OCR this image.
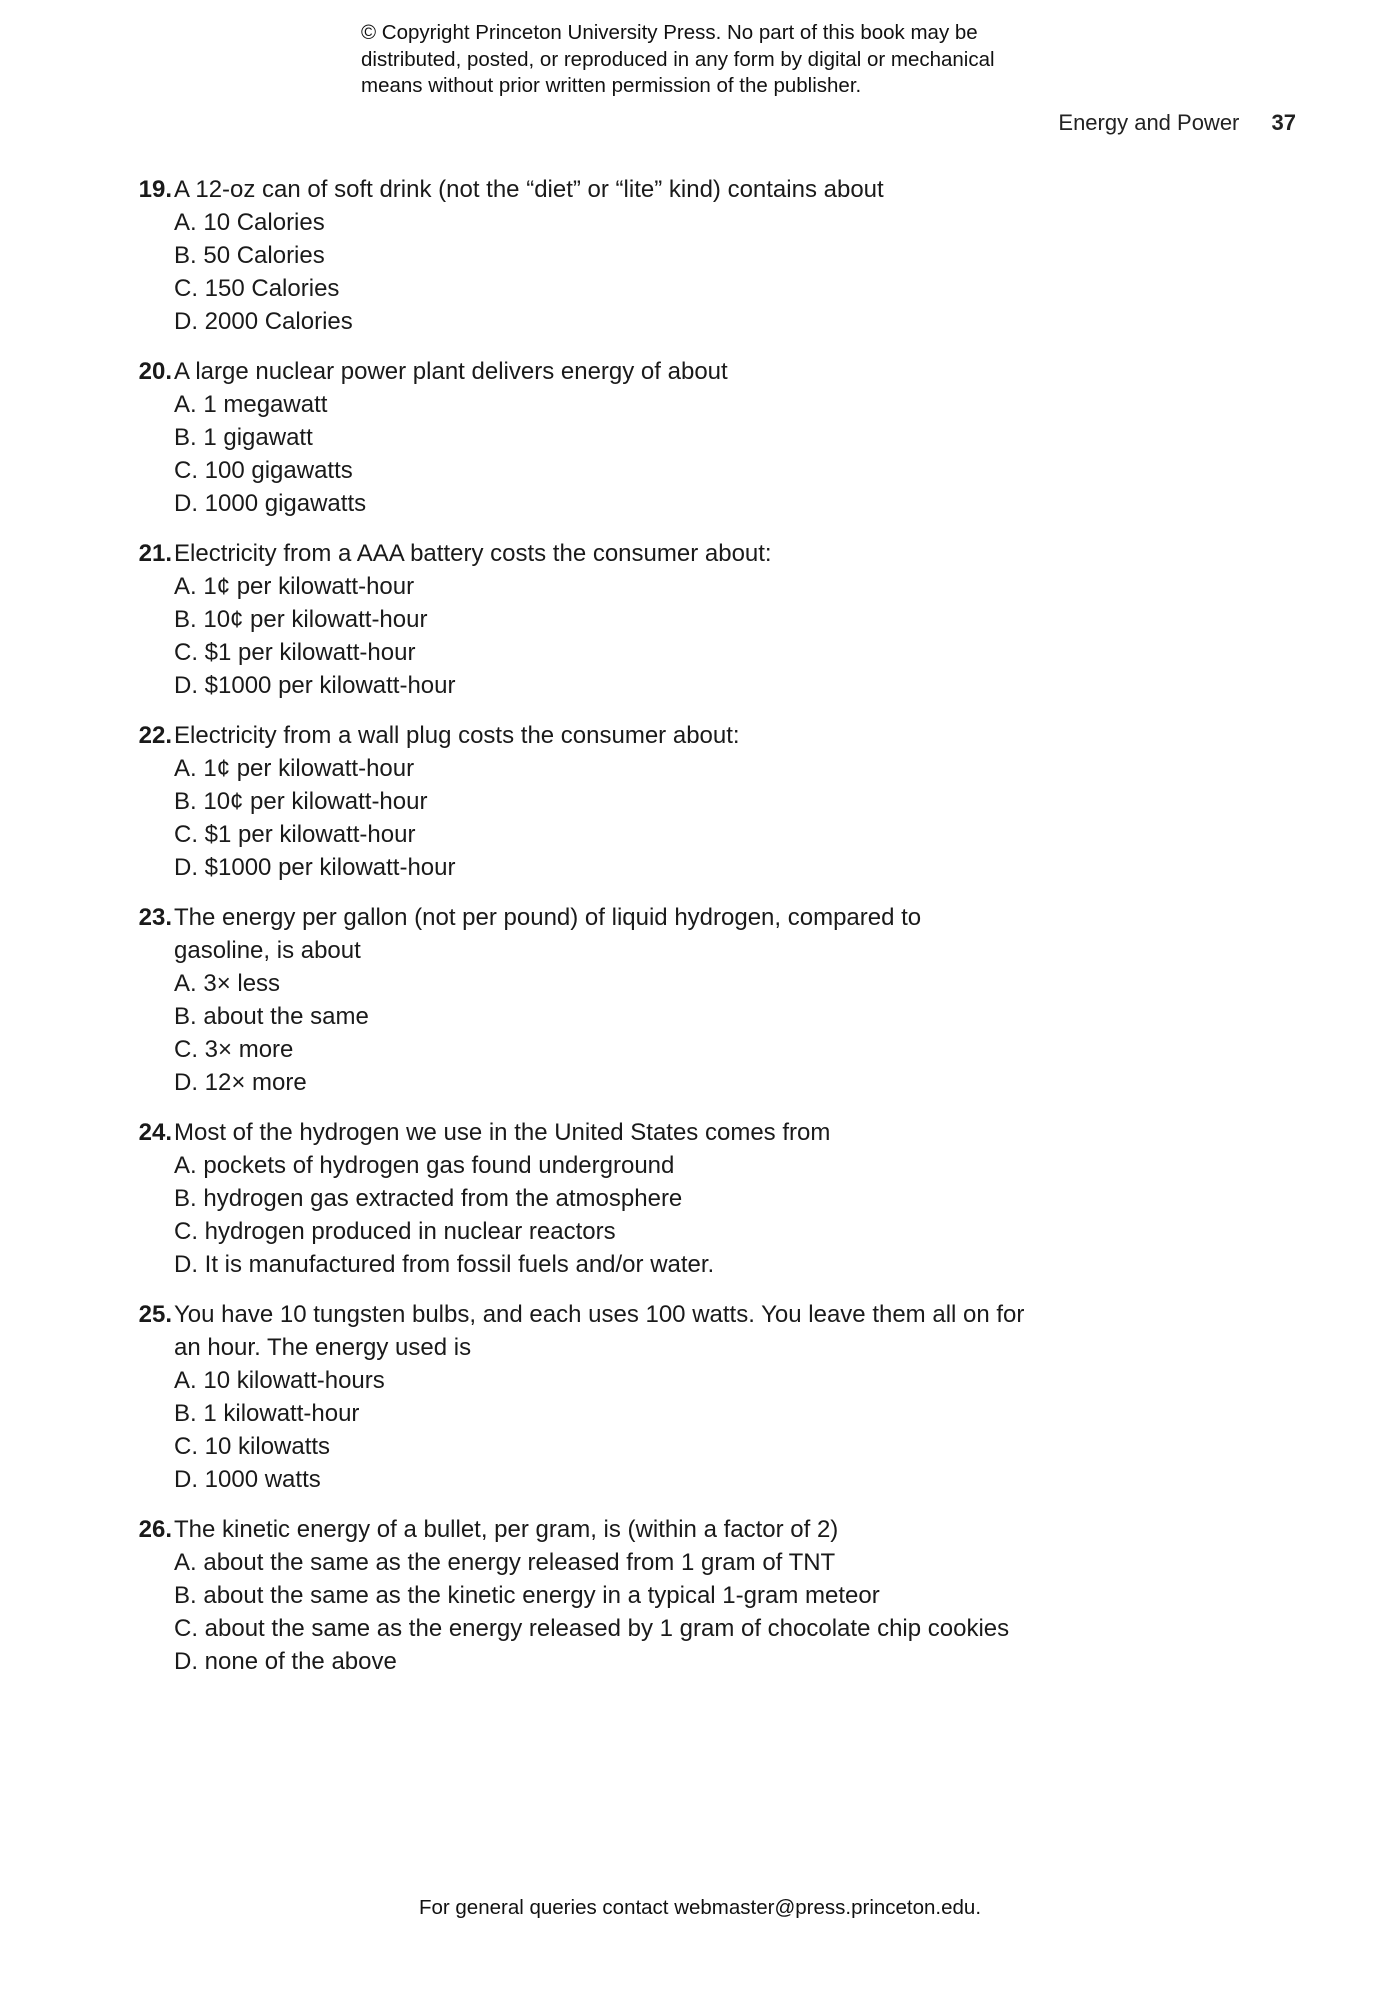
© Copyright Princeton University Press. No part of this book may be
distributed, posted, or reproduced in any form by digital or mechanical
means without prior written permission of the publisher.
Energy and Power 37
19. A 12-oz can of soft drink (not the “diet” or “lite” kind) contains about
A. 10 Calories
B. 50 Calories
C. 150 Calories
D. 2000 Calories
20. A large nuclear power plant delivers energy of about
A. 1 megawatt
B. 1 gigawatt
C. 100 gigawatts
D. 1000 gigawatts
21. Electricity from a AAA battery costs the consumer about:
A. 1¢ per kilowatt-hour
B. 10¢ per kilowatt-hour
C. $1 per kilowatt-hour
D. $1000 per kilowatt-hour
22. Electricity from a wall plug costs the consumer about:
A. 1¢ per kilowatt-hour
B. 10¢ per kilowatt-hour
C. $1 per kilowatt-hour
D. $1000 per kilowatt-hour
23. The energy per gallon (not per pound) of liquid hydrogen, compared to
gasoline, is about
A. 3× less
B. about the same
C. 3× more
D. 12× more
24. Most of the hydrogen we use in the United States comes from
A. pockets of hydrogen gas found underground
B. hydrogen gas extracted from the atmosphere
C. hydrogen produced in nuclear reactors
D. It is manufactured from fossil fuels and/or water.
25. You have 10 tungsten bulbs, and each uses 100 watts. You leave them all on for
an hour. The energy used is
A. 10 kilowatt-hours
B. 1 kilowatt-hour
C. 10 kilowatts
D. 1000 watts
26. The kinetic energy of a bullet, per gram, is (within a factor of 2)
A. about the same as the energy released from 1 gram of TNT
B. about the same as the kinetic energy in a typical 1-gram meteor
C. about the same as the energy released by 1 gram of chocolate chip cookies
D. none of the above
For general queries contact webmaster@press.princeton.edu.
